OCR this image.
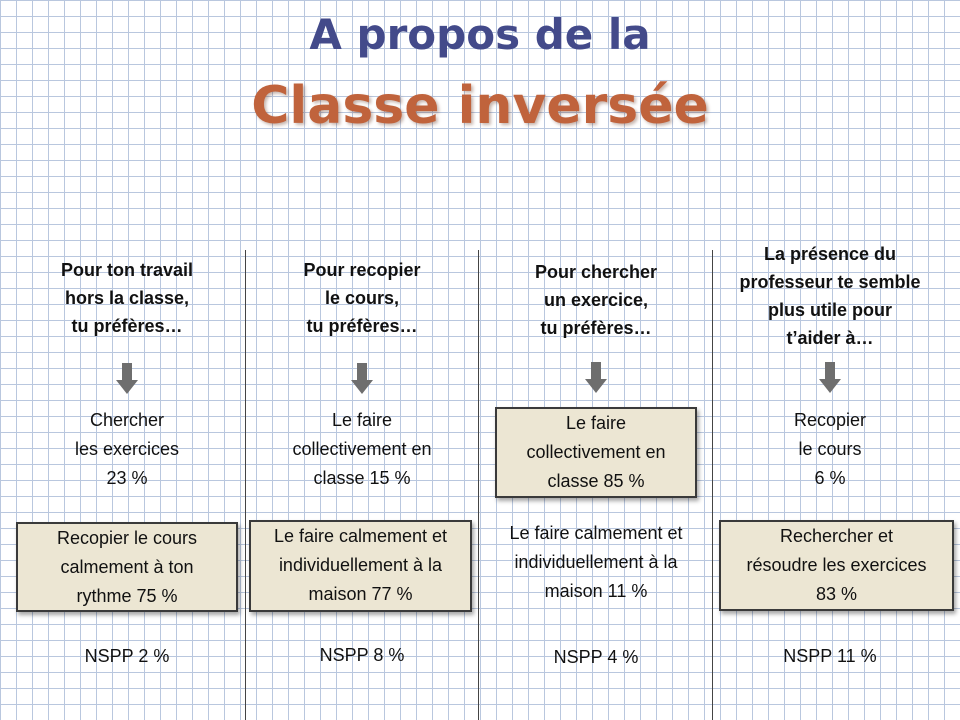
A propos de la
Classe inversée
Pour ton travail
hors la classe,
tu préfères…
Chercher
les exercices
23 %
Recopier le cours
calmement à ton
rythme 75 %
NSPP 2 %
Pour recopier
le cours,
tu préfères…
Le faire
collectivement en
classe 15 %
Le faire calmement et
individuellement à la
maison 77 %
NSPP 8 %
Pour chercher
un exercice,
tu préfères…
Le faire
collectivement en
classe 85 %
Le faire calmement et
individuellement à la
maison 11 %
NSPP 4 %
La présence du
professeur te semble
plus utile pour
t’aider à…
Recopier
le cours
6 %
Rechercher et
résoudre les exercices
83 %
NSPP 11 %
